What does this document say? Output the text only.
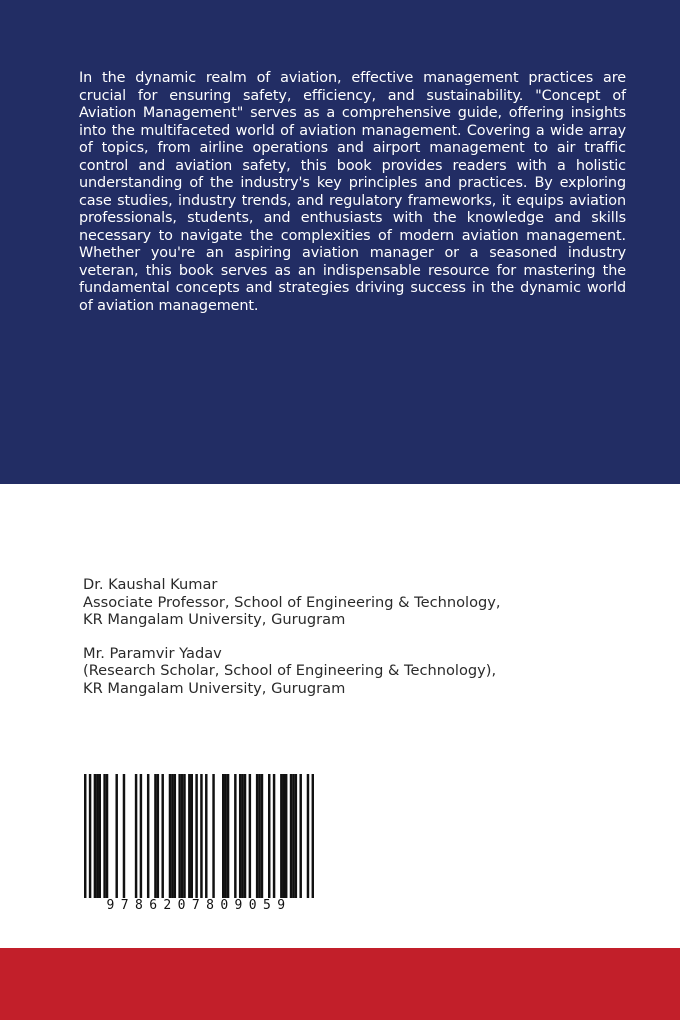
In the dynamic realm of aviation, effective management practices are crucial for ensuring safety, efficiency, and sustainability. "Concept of Aviation Management" serves as a comprehensive guide, offering insights into the multifaceted world of aviation management. Covering a wide array of topics, from airline operations and airport management to air traffic control and aviation safety, this book provides readers with a holistic understanding of the industry's key principles and practices. By exploring case studies, industry trends, and regulatory frameworks, it equips aviation professionals, students, and enthusiasts with the knowledge and skills necessary to navigate the complexities of modern aviation management. Whether you're an aspiring aviation manager or a seasoned industry veteran, this book serves as an indispensable resource for mastering the fundamental concepts and strategies driving success in the dynamic world of aviation management.

Dr. Kaushal Kumar
Associate Professor, School of Engineering & Technology,
KR Mangalam University, Gurugram
Mr. Paramvir Yadav
(Research Scholar, School of Engineering & Technology),
KR Mangalam University, Gurugram
9786207809059
